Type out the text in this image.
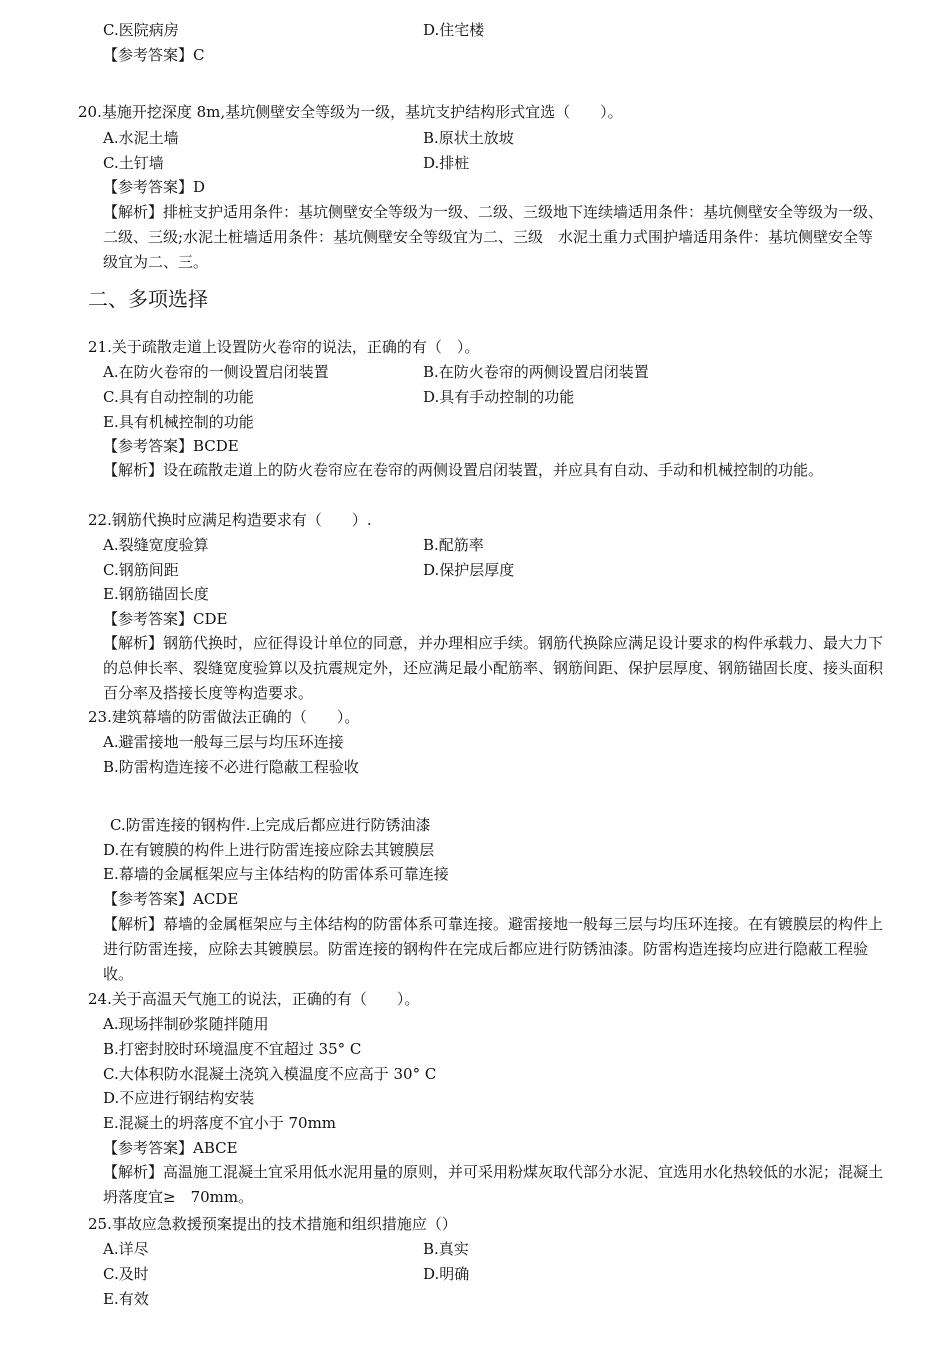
C.医院病房	D.住宅楼
【参考答案】C
20.基施开挖深度 8m,基坑侧壁安全等级为一级，基坑支护结构形式宜选（　　）。
A.水泥土墙	B.原状土放坡
C.土钉墙	D.排桩
【参考答案】D
【解析】排桩支护适用条件：基坑侧壁安全等级为一级、二级、三级地下连续墙适用条件：基坑侧壁安全等级为一级、二级、三级;水泥土桩墙适用条件：基坑侧壁安全等级宜为二、三级　水泥土重力式围护墙适用条件：基坑侧壁安全等级宜为二、三。
二、多项选择
21.关于疏散走道上设置防火卷帘的说法，正确的有（　）。
A.在防火卷帘的一侧设置启闭装置	B.在防火卷帘的两侧设置启闭装置
C.具有自动控制的功能	D.具有手动控制的功能
E.具有机械控制的功能
【参考答案】BCDE
【解析】设在疏散走道上的防火卷帘应在卷帘的两侧设置启闭装置，并应具有自动、手动和机械控制的功能。
22.钢筋代换时应满足构造要求有（　　）.
A.裂缝宽度验算	B.配筋率
C.钢筋间距	D.保护层厚度
E.钢筋锚固长度
【参考答案】CDE
【解析】钢筋代换时，应征得设计单位的同意，并办理相应手续。钢筋代换除应满足设计要求的构件承载力、最大力下的总伸长率、裂缝宽度验算以及抗震规定外，还应满足最小配筋率、钢筋间距、保护层厚度、钢筋锚固长度、接头面积百分率及搭接长度等构造要求。
23.建筑幕墙的防雷做法正确的（　　）。
A.避雷接地一般每三层与均压环连接
B.防雷构造连接不必进行隐蔽工程验收
C.防雷连接的钢构件.上完成后都应进行防锈油漆
D.在有镀膜的构件上进行防雷连接应除去其镀膜层
E.幕墙的金属框架应与主体结构的防雷体系可靠连接
【参考答案】ACDE
【解析】幕墙的金属框架应与主体结构的防雷体系可靠连接。避雷接地一般每三层与均压环连接。在有镀膜层的构件上进行防雷连接，应除去其镀膜层。防雷连接的钢构件在完成后都应进行防锈油漆。防雷构造连接均应进行隐蔽工程验收。
24.关于高温天气施工的说法，正确的有（　　）。
A.现场拌制砂浆随拌随用
B.打密封胶时环境温度不宜超过 35° C
C.大体积防水混凝土浇筑入模温度不应高于 30° C
D.不应进行钢结构安装
E.混凝土的坍落度不宜小于 70mm
【参考答案】ABCE
【解析】高温施工混凝土宜采用低水泥用量的原则，并可采用粉煤灰取代部分水泥、宜选用水化热较低的水泥；混凝土坍落度宜≥　70mm。
25.事故应急救援预案提出的技术措施和组织措施应（）
A.详尽	B.真实
C.及时	D.明确
E.有效
